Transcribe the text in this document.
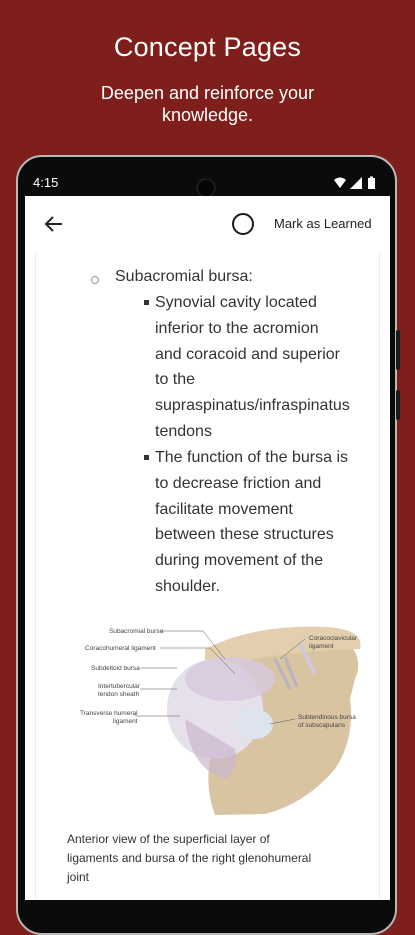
Concept Pages
Deepen and reinforce your knowledge.
4:15
Mark as Learned
Subacromial bursa:
Synovial cavity located
inferior to the acromion
and coracoid and superior
to the
supraspinatus/infraspinatus
tendons
The function of the bursa is
to decrease friction and
facilitate movement
between these structures
during movement of the
shoulder.
Subacromial bursa
Coracohumeral ligament
Subdeltoid bursa
Intertubercular
tendon sheath
Transverse humeral
ligament
Coracoclavicular
ligament
Subtendinous bursa
of subscapularis
Anterior view of the superficial layer of ligaments and bursa of the right glenohumeral joint
